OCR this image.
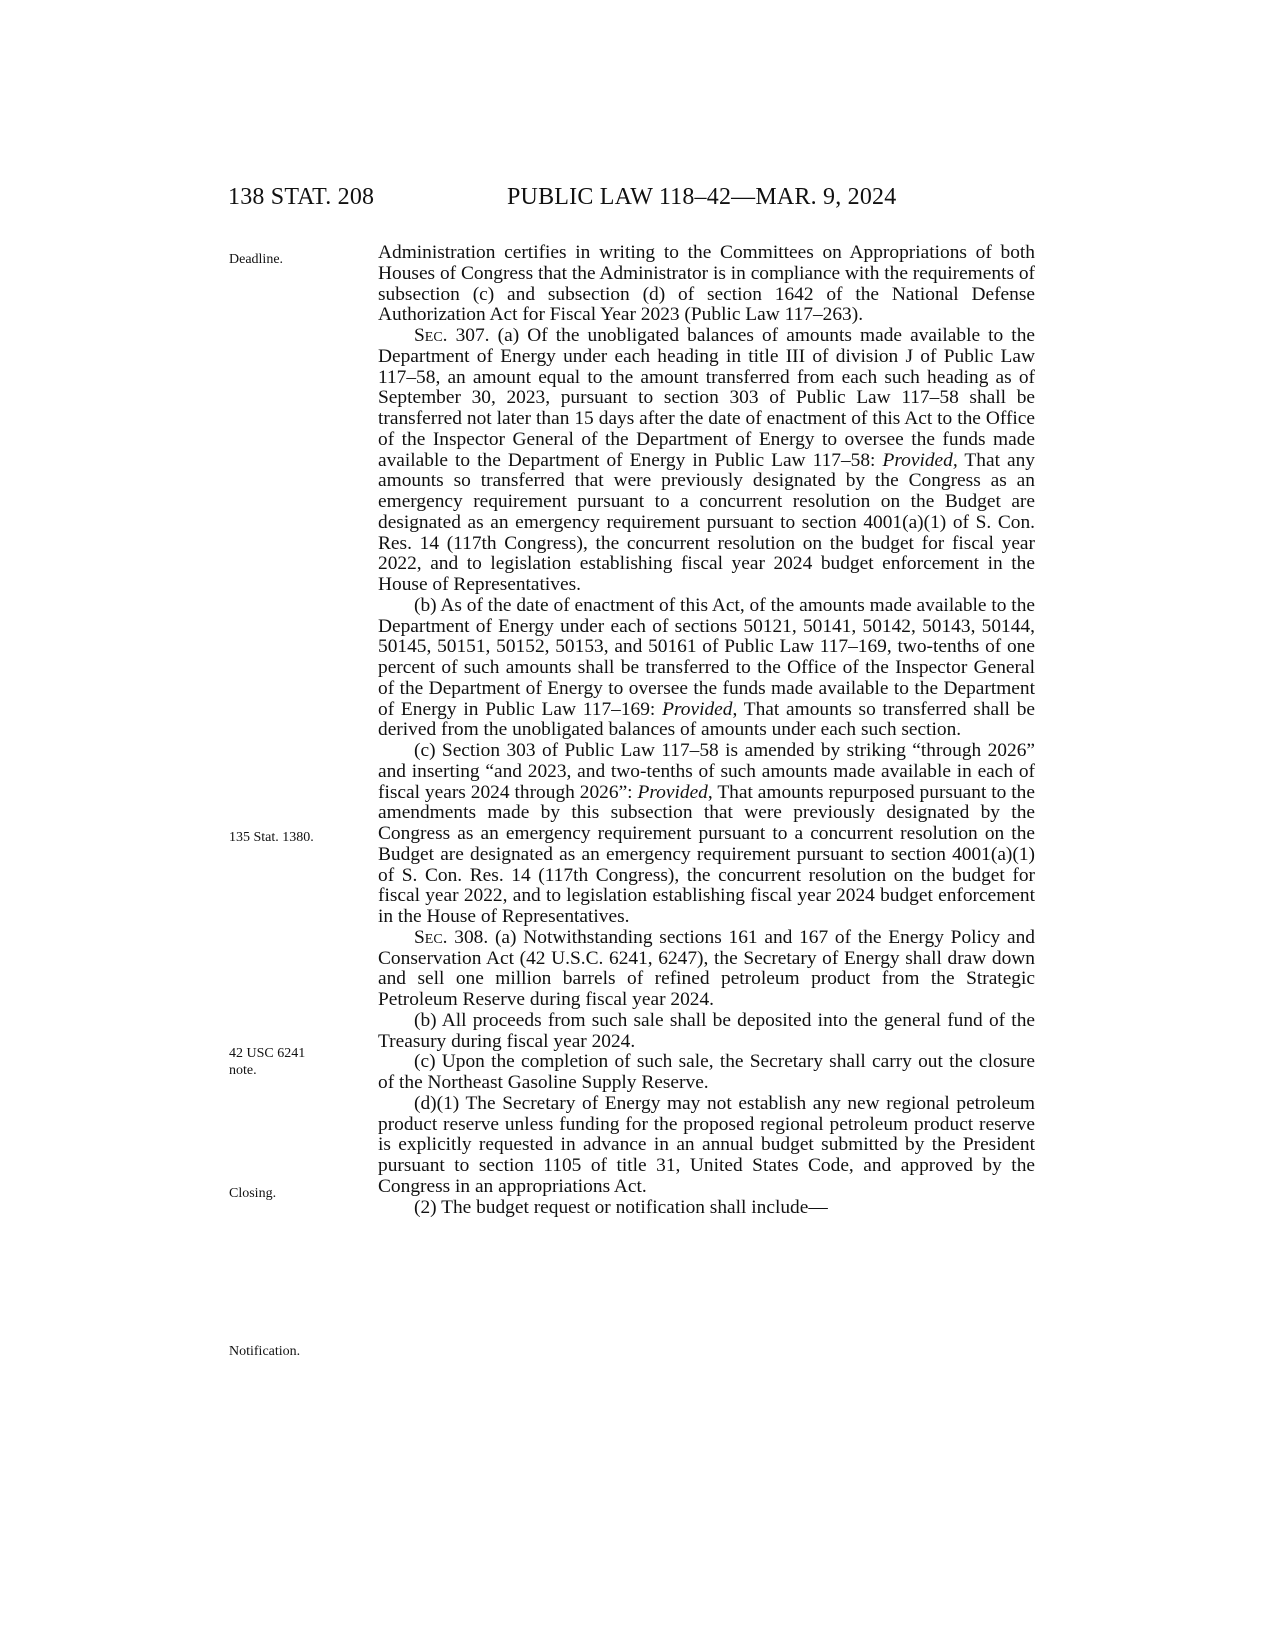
138 STAT. 208	PUBLIC LAW 118–42—MAR. 9, 2024
Deadline.
135 Stat. 1380.
42 USC 6241
note.
Closing.
Notification.

Administration certifies in writing to the Committees on Appropriations of both Houses of Congress that the Administrator is in compliance with the requirements of subsection (c) and subsection (d) of section 1642 of the National Defense Authorization Act for Fiscal Year 2023 (Public Law 117–263).

Sec. 307. (a) Of the unobligated balances of amounts made available to the Department of Energy under each heading in title III of division J of Public Law 117–58, an amount equal to the amount transferred from each such heading as of September 30, 2023, pursuant to section 303 of Public Law 117–58 shall be transferred not later than 15 days after the date of enactment of this Act to the Office of the Inspector General of the Department of Energy to oversee the funds made available to the Department of Energy in Public Law 117–58: Provided, That any amounts so transferred that were previously designated by the Congress as an emergency requirement pursuant to a concurrent resolution on the Budget are designated as an emergency requirement pursuant to section 4001(a)(1) of S. Con. Res. 14 (117th Congress), the concurrent resolution on the budget for fiscal year 2022, and to legislation establishing fiscal year 2024 budget enforcement in the House of Representatives.

(b) As of the date of enactment of this Act, of the amounts made available to the Department of Energy under each of sections 50121, 50141, 50142, 50143, 50144, 50145, 50151, 50152, 50153, and 50161 of Public Law 117–169, two-tenths of one percent of such amounts shall be transferred to the Office of the Inspector General of the Department of Energy to oversee the funds made available to the Department of Energy in Public Law 117–169: Provided, That amounts so transferred shall be derived from the unobligated balances of amounts under each such section.

(c) Section 303 of Public Law 117–58 is amended by striking “through 2026” and inserting “and 2023, and two-tenths of such amounts made available in each of fiscal years 2024 through 2026”: Provided, That amounts repurposed pursuant to the amendments made by this subsection that were previously designated by the Congress as an emergency requirement pursuant to a concurrent resolution on the Budget are designated as an emergency requirement pursuant to section 4001(a)(1) of S. Con. Res. 14 (117th Congress), the concurrent resolution on the budget for fiscal year 2022, and to legislation establishing fiscal year 2024 budget enforcement in the House of Representatives.

Sec. 308. (a) Notwithstanding sections 161 and 167 of the Energy Policy and Conservation Act (42 U.S.C. 6241, 6247), the Secretary of Energy shall draw down and sell one million barrels of refined petroleum product from the Strategic Petroleum Reserve during fiscal year 2024.

(b) All proceeds from such sale shall be deposited into the general fund of the Treasury during fiscal year 2024.

(c) Upon the completion of such sale, the Secretary shall carry out the closure of the Northeast Gasoline Supply Reserve.

(d)(1) The Secretary of Energy may not establish any new regional petroleum product reserve unless funding for the proposed regional petroleum product reserve is explicitly requested in advance in an annual budget submitted by the President pursuant to section 1105 of title 31, United States Code, and approved by the Congress in an appropriations Act.

(2) The budget request or notification shall include—
